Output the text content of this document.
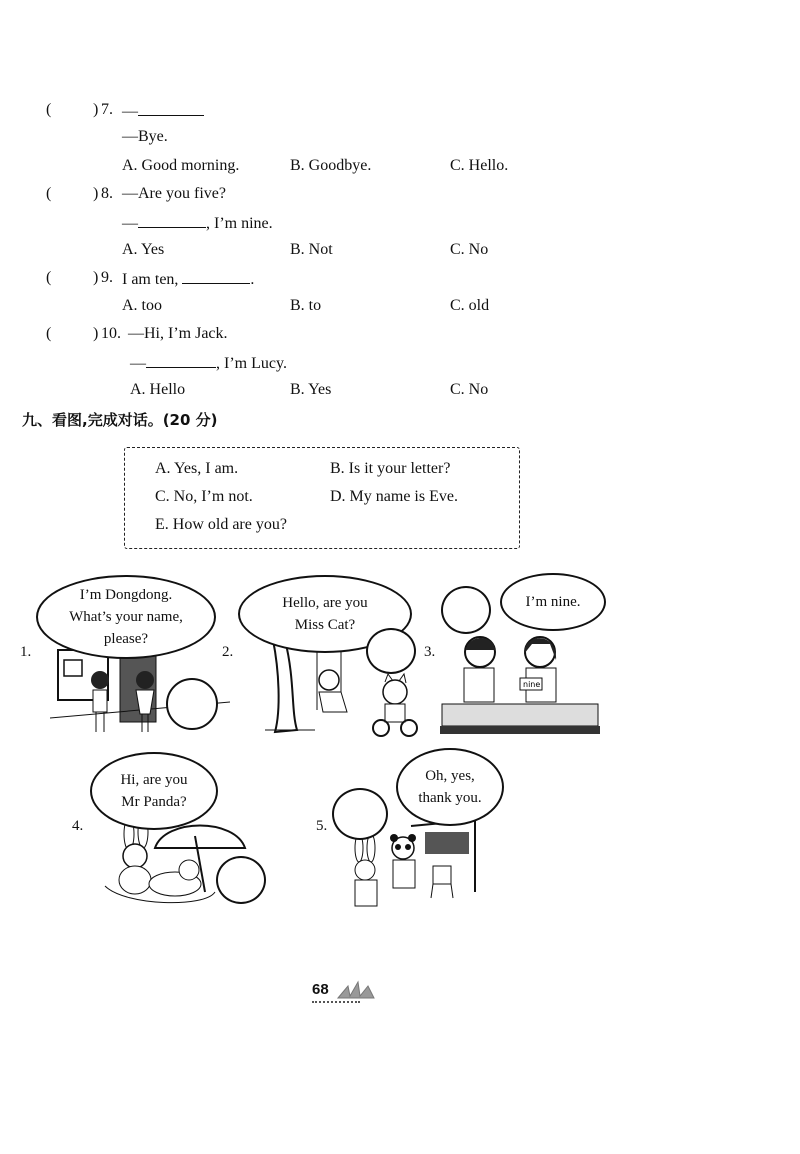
(	) 7. —
—Bye.
A. Good morning.	B. Goodbye.	C. Hello.
(	) 8. —Are you five?
—	, I’m nine.
A. Yes	B. Not	C. No
(	) 9. I am ten,	.
A. too	B. to	C. old
(	) 10. —Hi, I’m Jack.
—	, I’m Lucy.
A. Hello	B. Yes	C. No
九、看图,完成对话。(20 分)
A. Yes, I am.	B. Is it your letter?
C. No, I’m not.	D. My name is Eve.
E. How old are you?
1.
I’m Dongdong.
What’s your name,
please?
2.
Hello, are you
Miss Cat?
3.
nine
I’m nine.
4.
Hi, are you
Mr Panda?
5.
Oh, yes,
thank you.
68
